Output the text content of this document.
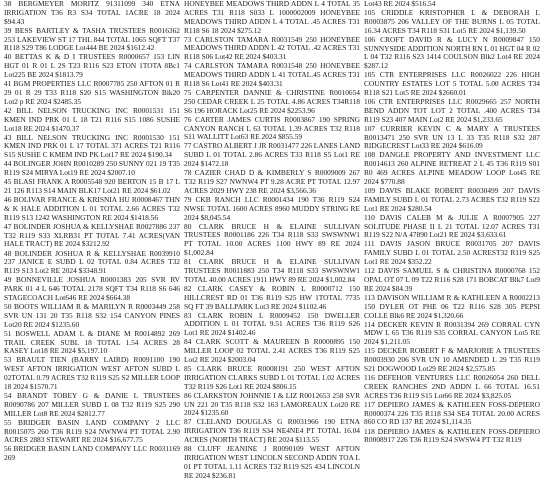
38 BERGMEYER MORITZ 91311099 340 ETNA IRRIGATION T36 R3 S34 TOTAL 1ACRE 18 2024 $94.43

39 BESS BARTLEY & TASHA TRUSTEES R0016362 253 LAKEVIEW ST 17 THL 844 TOTAL 1065 SQFT T37 R118 S29 T86 LODGE Lot444 BE 2024 $1612.42

40 BETTAS K & D I TRUSTEES R0000657 153 LIN HGT 01 R 01 L 2S T23 R116 S23 ETON 1TOTA 8Bc1 Lot225 BE 2024 $1813.79

41 BGM PROPERTIES LLC R0007785 250 AFTON 01 R 29 01 R 29 T33 R118 S20 S15 WASHINGTON Blk20 Lot2 p RE 2024 $2485.35

42 BILL NELSON TRUCKING INC R0001531 151 KMEN IND PRK 01 L 18 T21 R116 S15 1086 SUSHE Lot18 RE 2024 $1470.37

43 BILL NELSON TRUCKING INC R0001530 151 KMEN IND PRK 01 L 17 TOTAL 371 ACRES T21 R116 S15 SUSHE C KMEM IND PK Lot17 RE 2024 $190.34

44 BOLINGER JOHN R0010289 250 SUNNY 021 19 T35 R119 S24 MIRYA Lot19 RE 2024 $2007.10

45 BLASI FRANK A R0005548 920 BERTON 15 B 17 L 21 126 R113 S14 MAIN BLK17 Lot21 RE 2024 $61.02

46 BOLIVAR FRANCE & KRISNIA HU R0008467 THN & K HALE ADDITION L 01 TOTAL 2.66 ACRES T32 R119 S13 1242 WASHINGTON RE 2024 $1418.56

47 BOLINDER JOSHUA & KELLYSHAE R0027886 237 T32 R119 S33 XLRB31 PT TOTAL 7.41 ACRES(VAN HALE TRACT) RE 2024 $3212.92

48 BOLINDER JOSHUA R & KELLYSHAE R0039910 237 JANICE E SUBD L 02 TOTAL 0.84 ACRES T32 R119 S13 Lot2 RE 2024 $3348.91

49 BONNEVILLE JOSHUA R0001383 205 SVR RV PARK 01 4 L 646 TOTAL 2178 SQFT T34 R118 S6 646 STAGECOACH Lot646 RE 2024 $664.38

50 BOOTS WILLIAM R & MARILYN R R0003449 258 SVR UN 131 20 T35 R118 S32 154 CANYON PINES Lot20 RE 2024 $1235.60

51 BOSWELL ADAM L & DIANE M R0014892 269 TRAIL CREEK SUBL 18 TOTAL 1.54 ACRES 28 KASEY Lot18 RE 2024 $5,197.10

53 BRAULT TIEN (BARRY LAIRD) R0091100 190 WEST AFTON IRRIGATION WEST AFTON SUBD L 02TOTAL 0.79 ACRES T32 R119 S25 S2 MILLER LOOP 18 2024 $1570.71

54 BRANDT TOBEY G & DANIE L TRUSTEES R0090786 207 MILLER SUBD L 08 T32 R119 S25 290 MILLER Lot8 RE 2024 $2812.77

55 BRIDGER BASIN LAND COMPANY 2 LLC R0015075 260 T36 R119 S24 NWNW4 PT TOTAL 2.90 ACRES 2883 STEWART RE 2024 $16,677.75

56 BRIDGER BASIN LAND COMPANY LLC R0031169 269

HONEYBEE MEADOWS THIRD ADDN L 4 TOTAL 35 ACRES T31 R118 S033 L 1000002009 HONEYBEE MEADOWS THIRD ADDN L 4 TOTAL .45 ACRES T31 R118 S6 18 2024 $275.12

73 CARLSTON TAMARA R0031549 250 HONEYBEE MEADOWS THIRD ADDN L 42 TOTAL .42 ACRES T31 R118 S06 Lot42 RE 2024 $403.31

74 CARLSTON TAMARA R0031548 250 HONEYBEE MEADOWS THIRD ADDN L 41 TOTAL.45 ACRES T31 R118 S6 Lot41 RE 2024 $403.31

75 CARPENTER DANNIE & CHRISTINE R0010654 250 CEDAR CREEK L 25 TOTAL 4.86 ACRES T34R118 S6 196 HORACK Lot25 RE 2024 $2253.96

76 CARTER JAMES CURTIS R0003867 190 SPRING CANYON RANCH L 63 TOTAL 1.39 ACRES T32 R118 S11 WALLITT Lot63 RE 2024 $855.59

77 CASTRO ALBERT J JR R0031477 226 LANES LAND SUBD L 01 TOTAL 2.86 ACRES T33 R118 S5 Lot1 RE 2024 $1472.18

78 CAZIER CHAD D & KIMBERLY S R0009009 267 T32 R119 S27 NWNW4 PT 9.28 ACRE PT TOTAL 12.97 ACRES 2029 HWY 238 RE 2024 $3,566.36

79 CKB RANCH LLC R0001434 190 T36 R119 S24 NWSE TOTAL 1600 ACRES 8960 MUDDY STRING RE 2024 $8,045.54

80 CLARK BRUCE H & ELAINE SULLIVAN TRUSTEES R0001186 226 T34 R118 S33 SWSWNW1 PT TOTAL 10.00 ACRES 1100 HWY 89 RE 2024 $1,002.84

81 CLARK BRUCE H & ELAINE SULLIVAN TRUSTEES R0011883 250 T34 R118 S33 SWSWNW1 TOTAL 40.00 ACRES 1911 HWY 89 RE 2024 $1,002.84

82 CLARK CASEY & ROBIN L R0000712 150 HILLCREST RD 01 T36 R119 S25 HW 1TOTAL 7735 SQ FT 39 BALLPARK Lot3 RE 2024 $1102.46

83 CLARK ROBIN L R0009452 150 DWELLER ADDITION L 01 TOTAL 9.51 ACRES T36 R119 S26 Lot1 RE 2024 $1402.46

84 CLARK SCOTT & MAUREEN B R0000895 150 MILLER LOOP 02 TOTAL 2.41 ACRES T36 R119 S25 Lot2 RE 2024 $2003.04

85 CLARK BRUCE R0008191 250 WEST AFTON IRRIGATION CLARKS SUBD L 01 TOTAL 1.02 ACRES T32 R119 S26 Lot1 RE 2024 $806.15

86 CLARKSTON JOHNNIE I & LIZ R0012653 258 SVR UN 221 20 T35 R118 S32 163 LAMOREAUX Lot20 RE 2024 $1235.60

87 CLELAND DOUGLAS G R0031966 190 ETNA IRRIGATION T36 R119 S34 NE4NE4 PT TOTAL 16.04 ACRES (NORTH TRACT) RE 2024 $113.55

88 CLUFF JEANINE J R0090109 WEST AFTON IRRIGATION WEST LINCOLN SECOND ADDN TOA L 01 PT TOTAL 1.11 ACRES T32 R119 S25 434 LINCOLN RE 2024 $236.81

Lot43 RE 2024 $516.54

105 CRIDDLE KRISTOPHER L & DEBORAH L R0003875 206 VALLEY OF THE BURNS L 05 TOTAL 16.34 ACRES T34 R118 S31 Lot5 RE 2024 $1,139.50

106 CROFT DAVID R & LUCY N R0009847 150 SUNNYSIDE ADDITION NORTH RN L 01 HGT 04 R 02 L 04 T32 R116 S23 1414 COULSON Blk2 Lot4 RE 2024 $287.12

105 CTR ENTERPRISES LLC R0026022 226 HIGH COUNTRY ESTATES LOT 5 TOTAL 5.00 ACRES T34 R118 S21 Lot5 RE 2024 $2660.01

106 CTR ENTERPRISES LLC R0029665 257 NORTH BEND ADDN TOT LOT 2 TOTAL .400 ACRES T34 R119 S23 407 MAIN Lot2 RE 2024 $1,233.65

107 CURRIER KEVIN C & MARY A TRUSTEES R0013471 250 SVR UN 13 L 33 T35 R118 S32 287 RIDGECREST Lot33 RE 2024 $616.09

108 DANGLE PROPERTY AND INVESTMENT LLC R0014613 260 ALPINE RETREAT 2 L 45 T36 R119 S01 R0 469 ACRES ALPINE MEADOW LOOP Lot45 RE 2024 $770.88

109 DAVIS BLAKE ROBERT R0030499 207 DAVIS FAMILY SUBD L 01 TOTAL 2.73 ACRES T32 R119 S22 Lot1 RE 2024 $280.54

110 DAVIS CALEB M & JULIE A R0007905 227 SOLITUDE PHASE II L 21 TOTAL 12.07 ACRES T31 R119 S22 N/A 47890 Lot21 RE 2024 $3,633.61

111 DAVIS JASON BRUCE R0031705 207 DAVIS FAMILY SUBD L 01 TOTAL 2.50 ACREST32 R119 S25 Lot1 RE 2024 $352.22

112 DAVIS SAMUEL S & CHRISTINA R0000768 152 OPAL OT 07 L 09 T22 R116 S28 171 BOBCAT Blk7 Lot9 RE 2024 $84.39

113 DAVISON WILLIAM R & KATHLEEN A R0002213 150 DYLER OT PHE 06 T22 R116 S28 305 PEPSI COLLE Blk6 RE 2024 $1,320.66

114 DECKER KEVIN R R0031394 269 CORRAL CYN MDW L 65 T36 R119 S35 CORRAL CANYON Lot5 RE 2024 $1,211.05

115 DECKER ROBERT F & MARJORIE A TRUSTEES R0003930 206 SVR UN 10 AMENDED L 29 T35 R119 S21 DOGWOOD Lot29 RE 2024 $2,575.85

116 DEFEHOR VENTURES LLC R0026054 260 DELL CREEK RANCHES 2ND ADDN L 66 TOTAL 16.51 ACRES T36 R119 S15 Lot66 RE 2024 $3,825.05

117 DEPIERO JAMES & KATHLEEN FOSS-DEPIERO R0000374 226 T35 R118 S34 SE4 TOTAL 20.00 ACRES 860 CO RD 137 RE 2024 $1,114.35

118 DEPIERO JAMES & KATHLEEN FOSS-DEPIERO R0008917 226 T36 R119 S24 SWSW4 PT T32 R119
